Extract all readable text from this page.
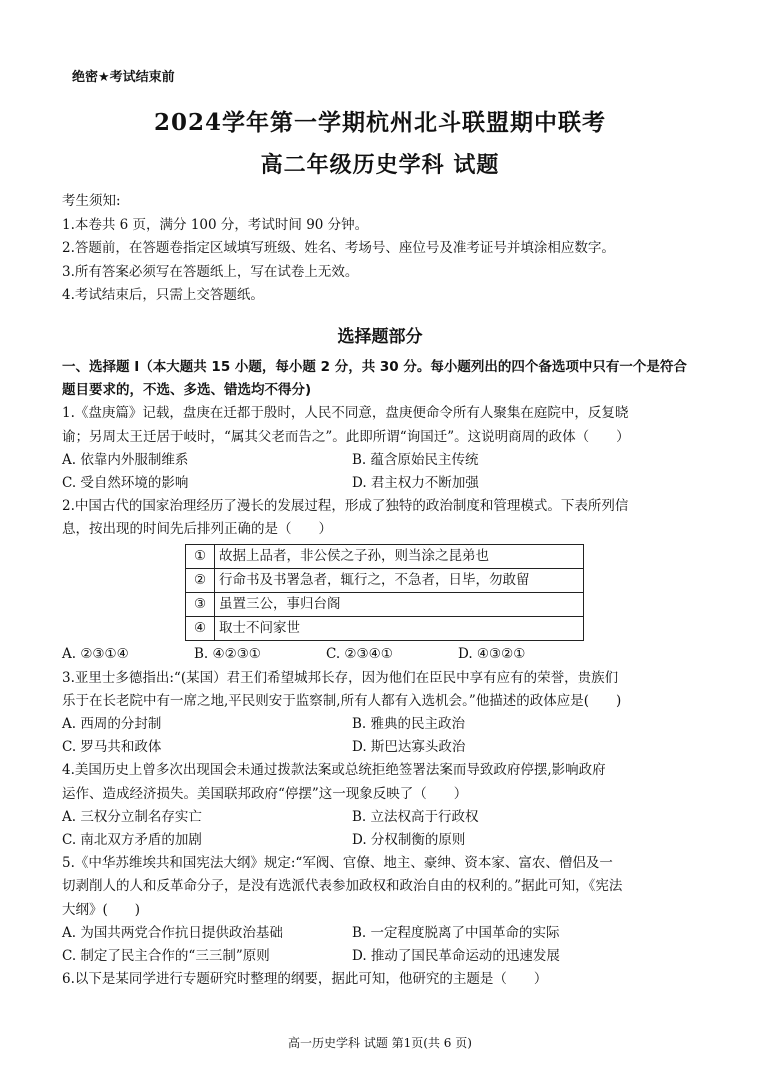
绝密★考试结束前
2024学年第一学期杭州北斗联盟期中联考
高二年级历史学科 试题
考生须知:
1.本卷共 6 页，满分 100 分，考试时间 90 分钟。
2.答题前，在答题卷指定区域填写班级、姓名、考场号、座位号及准考证号并填涂相应数字。
3.所有答案必须写在答题纸上，写在试卷上无效。
4.考试结束后，只需上交答题纸。
选择题部分
一、选择题 I（本大题共 15 小题，每小题 2 分，共 30 分。每小题列出的四个备选项中只有一个是符合
题目要求的，不选、多选、错选均不得分)
1.《盘庚篇》记载，盘庚在迁都于殷时，人民不同意，盘庚便命令所有人聚集在庭院中，反复晓
谕；另周太王迁居于岐时，“属其父老而告之”。此即所谓“询国迁”。这说明商周的政体（　　）
A. 依靠内外服制维系	B. 蕴含原始民主传统
C. 受自然环境的影响	D. 君主权力不断加强
2.中国古代的国家治理经历了漫长的发展过程，形成了独特的政治制度和管理模式。下表所列信
息，按出现的时间先后排列正确的是（　　）
①	故据上品者，非公侯之子孙，则当涂之昆弟也
②	行命书及书署急者，辄行之，不急者，日毕，勿敢留
③	虽置三公，事归台阁
④	取士不问家世
A. ②③①④	B. ④②③①	C. ②③④①	D. ④③②①
3.亚里士多德指出:“(某国）君王们希望城邦长存，因为他们在臣民中享有应有的荣誉，贵族们
乐于在长老院中有一席之地,平民则安于监察制,所有人都有入选机会。”他描述的政体应是(　　)
A. 西周的分封制	B. 雅典的民主政治
C. 罗马共和政体	D. 斯巴达寡头政治
4.美国历史上曾多次出现国会未通过拨款法案或总统拒绝签署法案而导致政府停摆,影响政府
运作、造成经济损失。美国联邦政府“停摆”这一现象反映了（　　）
A. 三权分立制名存实亡	B. 立法权高于行政权
C. 南北双方矛盾的加剧	D. 分权制衡的原则
5.《中华苏维埃共和国宪法大纲》规定:“军阀、官僚、地主、豪绅、资本家、富农、僧侣及一
切剥削人的人和反革命分子，是没有选派代表参加政权和政治自由的权利的。”据此可知，《宪法
大纲》(　　)
A. 为国共两党合作抗日提供政治基础	B. 一定程度脱离了中国革命的实际
C. 制定了民主合作的“三三制”原则	D. 推动了国民革命运动的迅速发展
6.以下是某同学进行专题研究时整理的纲要，据此可知，他研究的主题是（　　）
高一历史学科 试题 第1页(共 6 页)
